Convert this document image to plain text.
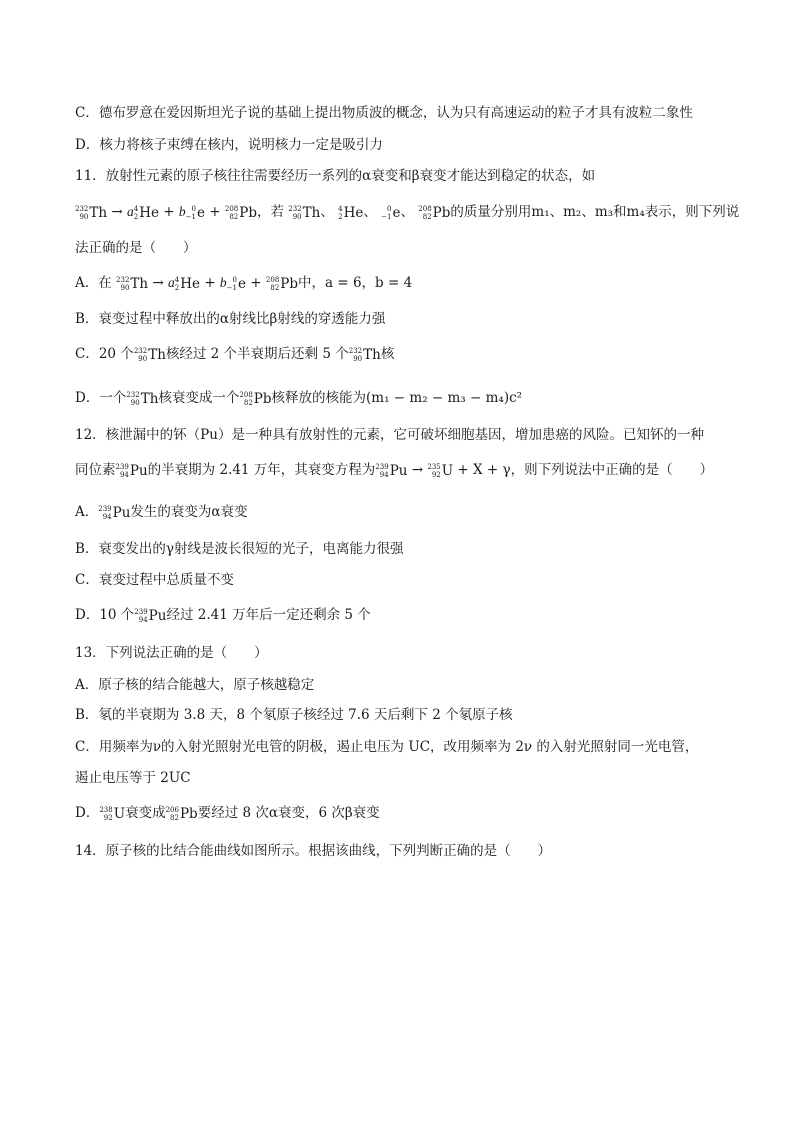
C．德布罗意在爱因斯坦光子说的基础上提出物质波的概念，认为只有高速运动的粒子才具有波粒二象性
D．核力将核子束缚在核内，说明核力一定是吸引力
11．放射性元素的原子核往往需要经历一系列的α衰变和β衰变才能达到稳定的状态，如
232
90 Th → a 4
2 He + b 0
−1 e + 208
82 Pb ，若 232
90 Th 、 4
2 He 、 0
−1 e 、 208
82 Pb 的质量分别用m₁、m₂、m₃和m₄表示，则下列说
法正确的是（　　）
A．在 232
90 Th → a 4
2 He + b 0
−1 e + 208
82 Pb 中，a = 6，b = 4
B．衰变过程中释放出的α射线比β射线的穿透能力强
C．20 个 232
90 Th 核经过 2 个半衰期后还剩 5 个 232
90 Th 核
D．一个 232
90 Th 核衰变成一个 208
82 Pb 核释放的核能为(m₁ − m₂ − m₃ − m₄)c²
12．核泄漏中的钚（Pu）是一种具有放射性的元素，它可破坏细胞基因，增加患癌的风险。已知钚的一种
同位素 239
94 Pu 的半衰期为 2.41 万年，其衰变方程为 239
94 Pu → 235
92 U + X + γ，则下列说法中正确的是（　　）
A． 239
94 Pu 发生的衰变为α衰变
B．衰变发出的γ射线是波长很短的光子，电离能力很强
C．衰变过程中总质量不变
D．10 个 239
94 Pu 经过 2.41 万年后一定还剩余 5 个
13．下列说法正确的是（　　）
A．原子核的结合能越大，原子核越稳定
B．氡的半衰期为 3.8 天，8 个氡原子核经过 7.6 天后剩下 2 个氡原子核
C．用频率为ν的入射光照射光电管的阴极，遏止电压为 UC，改用频率为 2ν 的入射光照射同一光电管，
遏止电压等于 2UC
D． 238
92 U 衰变成 206
82 Pb 要经过 8 次α衰变，6 次β衰变
14．原子核的比结合能曲线如图所示。根据该曲线，下列判断正确的是（　　）
